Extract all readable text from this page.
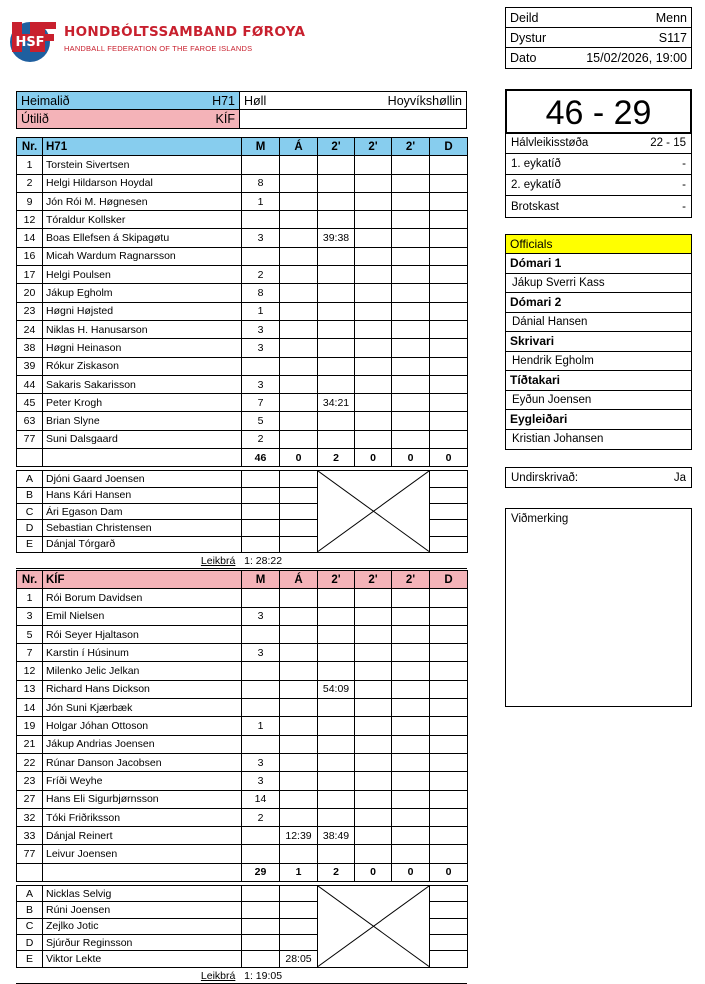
HSF
HONDBÓLTSSAMBAND FØROYA
HANDBALL FEDERATION OF THE FAROE ISLANDS
Deild	Menn
Dystur	S117
Dato	15/02/2026, 19:00
Heimalið	H71 Høll	Hoyvíkshøllin
Útilið	KÍF
Nr.	H71	M	Á	2'	2'	2'	D
1	Torstein Sivertsen						
2	Helgi Hildarson Hoydal	8					
9	Jón Rói M. Høgnesen	1					
12	Tóraldur Kollsker						
14	Boas Ellefsen á Skipagøtu	3		39:38			
16	Micah Wardum Ragnarsson						
17	Helgi Poulsen	2					
20	Jákup Egholm	8					
23	Høgni Højsted	1					
24	Niklas H. Hanusarson	3					
38	Høgni Heinason	3					
39	Rókur Ziskason						
44	Sakaris Sakarisson	3					
45	Peter Krogh	7		34:21			
63	Brian Slyne	5					
77	Suni Dalsgaard	2					
		46	0	2	0	0	0

A	Djóni Gaard Joensen			

B	Hans Kári Hansen						
C	Ári Egason Dam						
D	Sebastian Christensen						
E	Dánjal Tórgarð						
Leikbrá 1: 28:22
Nr.	KÍF	M	Á	2'	2'	2'	D
1	Rói Borum Davidsen						
3	Emil Nielsen	3					
5	Rói Seyer Hjaltason						
7	Karstin í Húsinum	3					
12	Milenko Jelic Jelkan						
13	Richard Hans Dickson			54:09			
14	Jón Suni Kjærbæk						
19	Holgar Jóhan Ottoson	1					
21	Jákup Andrias Joensen						
22	Rúnar Danson Jacobsen	3					
23	Fríði Weyhe	3					
27	Hans Eli Sigurbjørnsson	14					
32	Tóki Friðriksson	2					
33	Dánjal Reinert		12:39	38:49			
77	Leivur Joensen						
		29	1	2	0	0	0

A	Nicklas Selvig			

B	Rúni Joensen						
C	Zejlko Jotic						
D	Sjúrður Reginsson						
E	Viktor Lekte		28:05				
Leikbrá 1: 19:05
46 - 29
Hálvleikisstøða	22 - 15
1. eykatíð	-
2. eykatíð	-
Brotskast	-
Officials
Dómari 1
Jákup Sverri Kass
Dómari 2
Dánial Hansen
Skrivari
Hendrik Egholm
Tíðtakari
Eyðun Joensen
Eygleiðari
Kristian Johansen
Undirskrivað:	Ja
Viðmerking
